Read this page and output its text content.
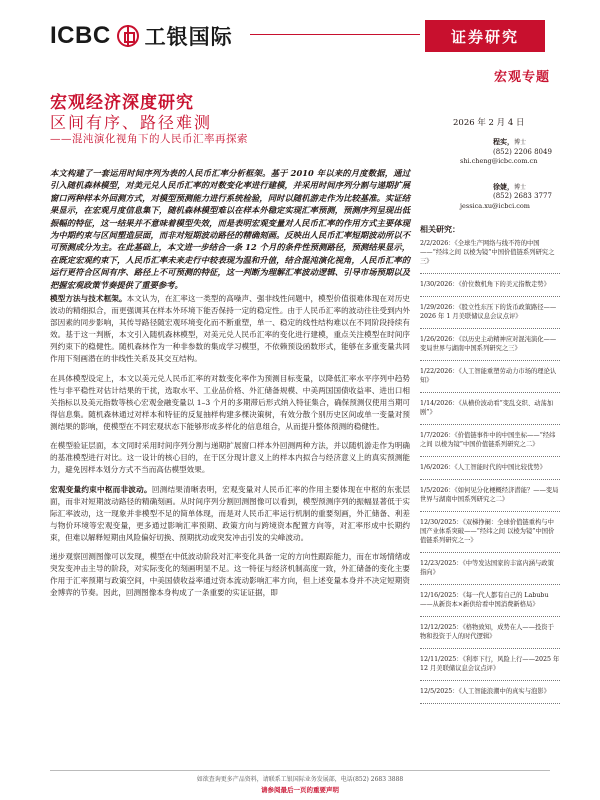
ICBC 工银国际	证券研究
宏观专题
宏观经济深度研究
区间有序、路径难测
——混沌演化视角下的人民币汇率再探索
2026 年 2 月 4 日
程实，博士
(852) 2206 8049
shi.cheng@icbc.com.cn
徐婕，博士
(852) 2683 3777
jessica.xu@icbci.com
本文构建了一套运用时间序列为表的人民币汇率分析框架。基于 2010 年以来的月度数据，通过引入随机森林模型，对美元兑人民币汇率的对数变化率进行建模，并采用时间序列分割与递期扩展窗口两种样本外回测方式，对模型预测能力进行系统检验，同时以随机游走作为比较基准。实证结果显示，在宏观月度信息集下，随机森林模型难以在样本外稳定实现汇率预测，预测序列呈现出低振幅的特征，这一结果并不意味着模型失效，而是表明宏观变量对人民币汇率的作用方式主要体现为中期约束与区间塑造层面，而非对短期波动路径的精确刻画。反映出人民币汇率短期波动所以不可预测成分为主。在此基础上，本文进一步结合一条 12 个月的条件性预测路径，预测结果显示，在既定宏观约束下，人民币汇率未来走行中较表现为温和升值，结合混沌演化视角，人民币汇率的运行更符合区间有序、路径上不可预测的特征，这一判断为理解汇率波动逻辑、引导市场预期以及把握宏观政策节奏提供了重要参考。

模型方法与技术框架。本文认为，在汇率这一类型的高噪声、强非线性问题中，模型价值很难体现在对历史波动的精细拟合，而更强调其在样本外环境下能否保持一定的稳定性。由于人民币汇率的波动往往受到内外部因素的同步影响，其传导路径随宏观环境变化而不断重塑，单一、稳定的线性结构难以在不同阶段持续有效。基于这一判断，本文引入随机森林模型，对美元兑人民币汇率的变化进行建模，重点关注模型在时间序列约束下的稳健性。随机森林作为一种非参数的集成学习模型，不依赖预设函数形式，能够在多重变量共同作用下刻画潜在的非线性关系及其交互结构。

在具体模型设定上，本文以美元兑人民币汇率的对数变化率作为预测目标变量，以降低汇率水平序列中趋势性与非平稳性对估计结果的干扰，选取水平、工业品价格、外汇储备规模、中美两国国债收益率、进出口相关指标以及美元指数等核心宏观金融变量以 1–3 个月的多期滞后形式纳入特征集合，确保预测仅使用当期可得信息集。随机森林通过对样本和特征的反复抽样构建多棵决策树，有效分散个别历史区间或单一变量对预测结果的影响，使模型在不同宏观状态下能够形成多样化的信息组合，从而提升整体预测的稳健性。

在模型验证层面，本文同时采用时间序列分割与递期扩展窗口样本外回测两种方法，并以随机游走作为明确的基准模型进行对比。这一设计的核心目的，在于区分现计意义上的样本内拟合与经济意义上的真实预测能力，避免因样本划分方式不当而高估模型效果。

宏观变量约束中枢而非波动。回测结果清晰表明，宏观变量对人民币汇率的作用主要体现在中枢的东张层面，而非对短期波动路径的精确刻画。从时间序列分割回测图像可以看到，模型预测序列的振幅显著低于实际汇率波动，这一现象并非模型不足的简单体现，而是对人民币汇率运行机制的重要刻画，外汇储备、利差与物价环境等宏观变量，更多通过影响汇率预期、政策方向与跨境资本配置方向等，对汇率形成中长期约束，但难以解释短期由风险偏好切换、预期扰动或突发冲击引发的尖峰波动。

递步观察回测图像可以发现，模型在中低波动阶段对汇率变化具备一定的方向性跟踪能力，而在市场情绪或突发变冲击主导的阶段，对实际变化的刻画明显不足。这一特征与经济机制高度一致，外汇储备的变化主要作用于汇率预期与政策空间，中美国债收益率通过资本流动影响汇率方向，但上述变量本身并不决定短期资金博弈的节奏。因此，回测图像本身构成了一条重要的实证证据，即

相关研究：
2/2/2026：《全球生产网络与线不符的中国——“经纬之间 以棱为镜”中国价值链系列研究之三》
1/30/2026：《价位数机角下的美元指数走势》
1/29/2026：《股立性东压下的货币政策路径——2026 年 1 月美联储议息会议点评》
1/26/2026：《以历史主动精神应对混沌演化——变局世界与湖南中国系列研究之三》
1/22/2026：《人工智能重塑劳动力市场的理论认知》
1/14/2026：《从横价波动看“变乱交织、动荡加剧”》
1/7/2026：《价值链事件中的中国坐标——“经纬之间 以棱为镜”中国价值链系列研究之二》
1/6/2026：《人工智能时代的中国比较优势》
1/5/2026：《如何见分化梗概经济潜能？——变局世界与湖南中国系列研究之二》
12/30/2025：《双梯挣阑：全球价值链重构与中国产业体系突破——“经纬之间 以棱为镜”中国价值链系列研究之一》
12/23/2025：《中等发达国家的丰富内涵与政策指向》
12/16/2025：《每一代人都有自己的 Labubu——从新资本×新供给看中国消费新格局》
12/12/2025：《格物致知，成势在人——投资于物和投资于人的时代逻辑》
12/11/2025：《利率下行，风险上行——2025 年 12 月美联储议息会议点评》
12/5/2025：《人工智能浪潮中的真实与泡影》
如欲查询更多产品资料，请联系工银国际业务发展部，电话(852) 2683 3888
请参阅最后一页的重要声明
